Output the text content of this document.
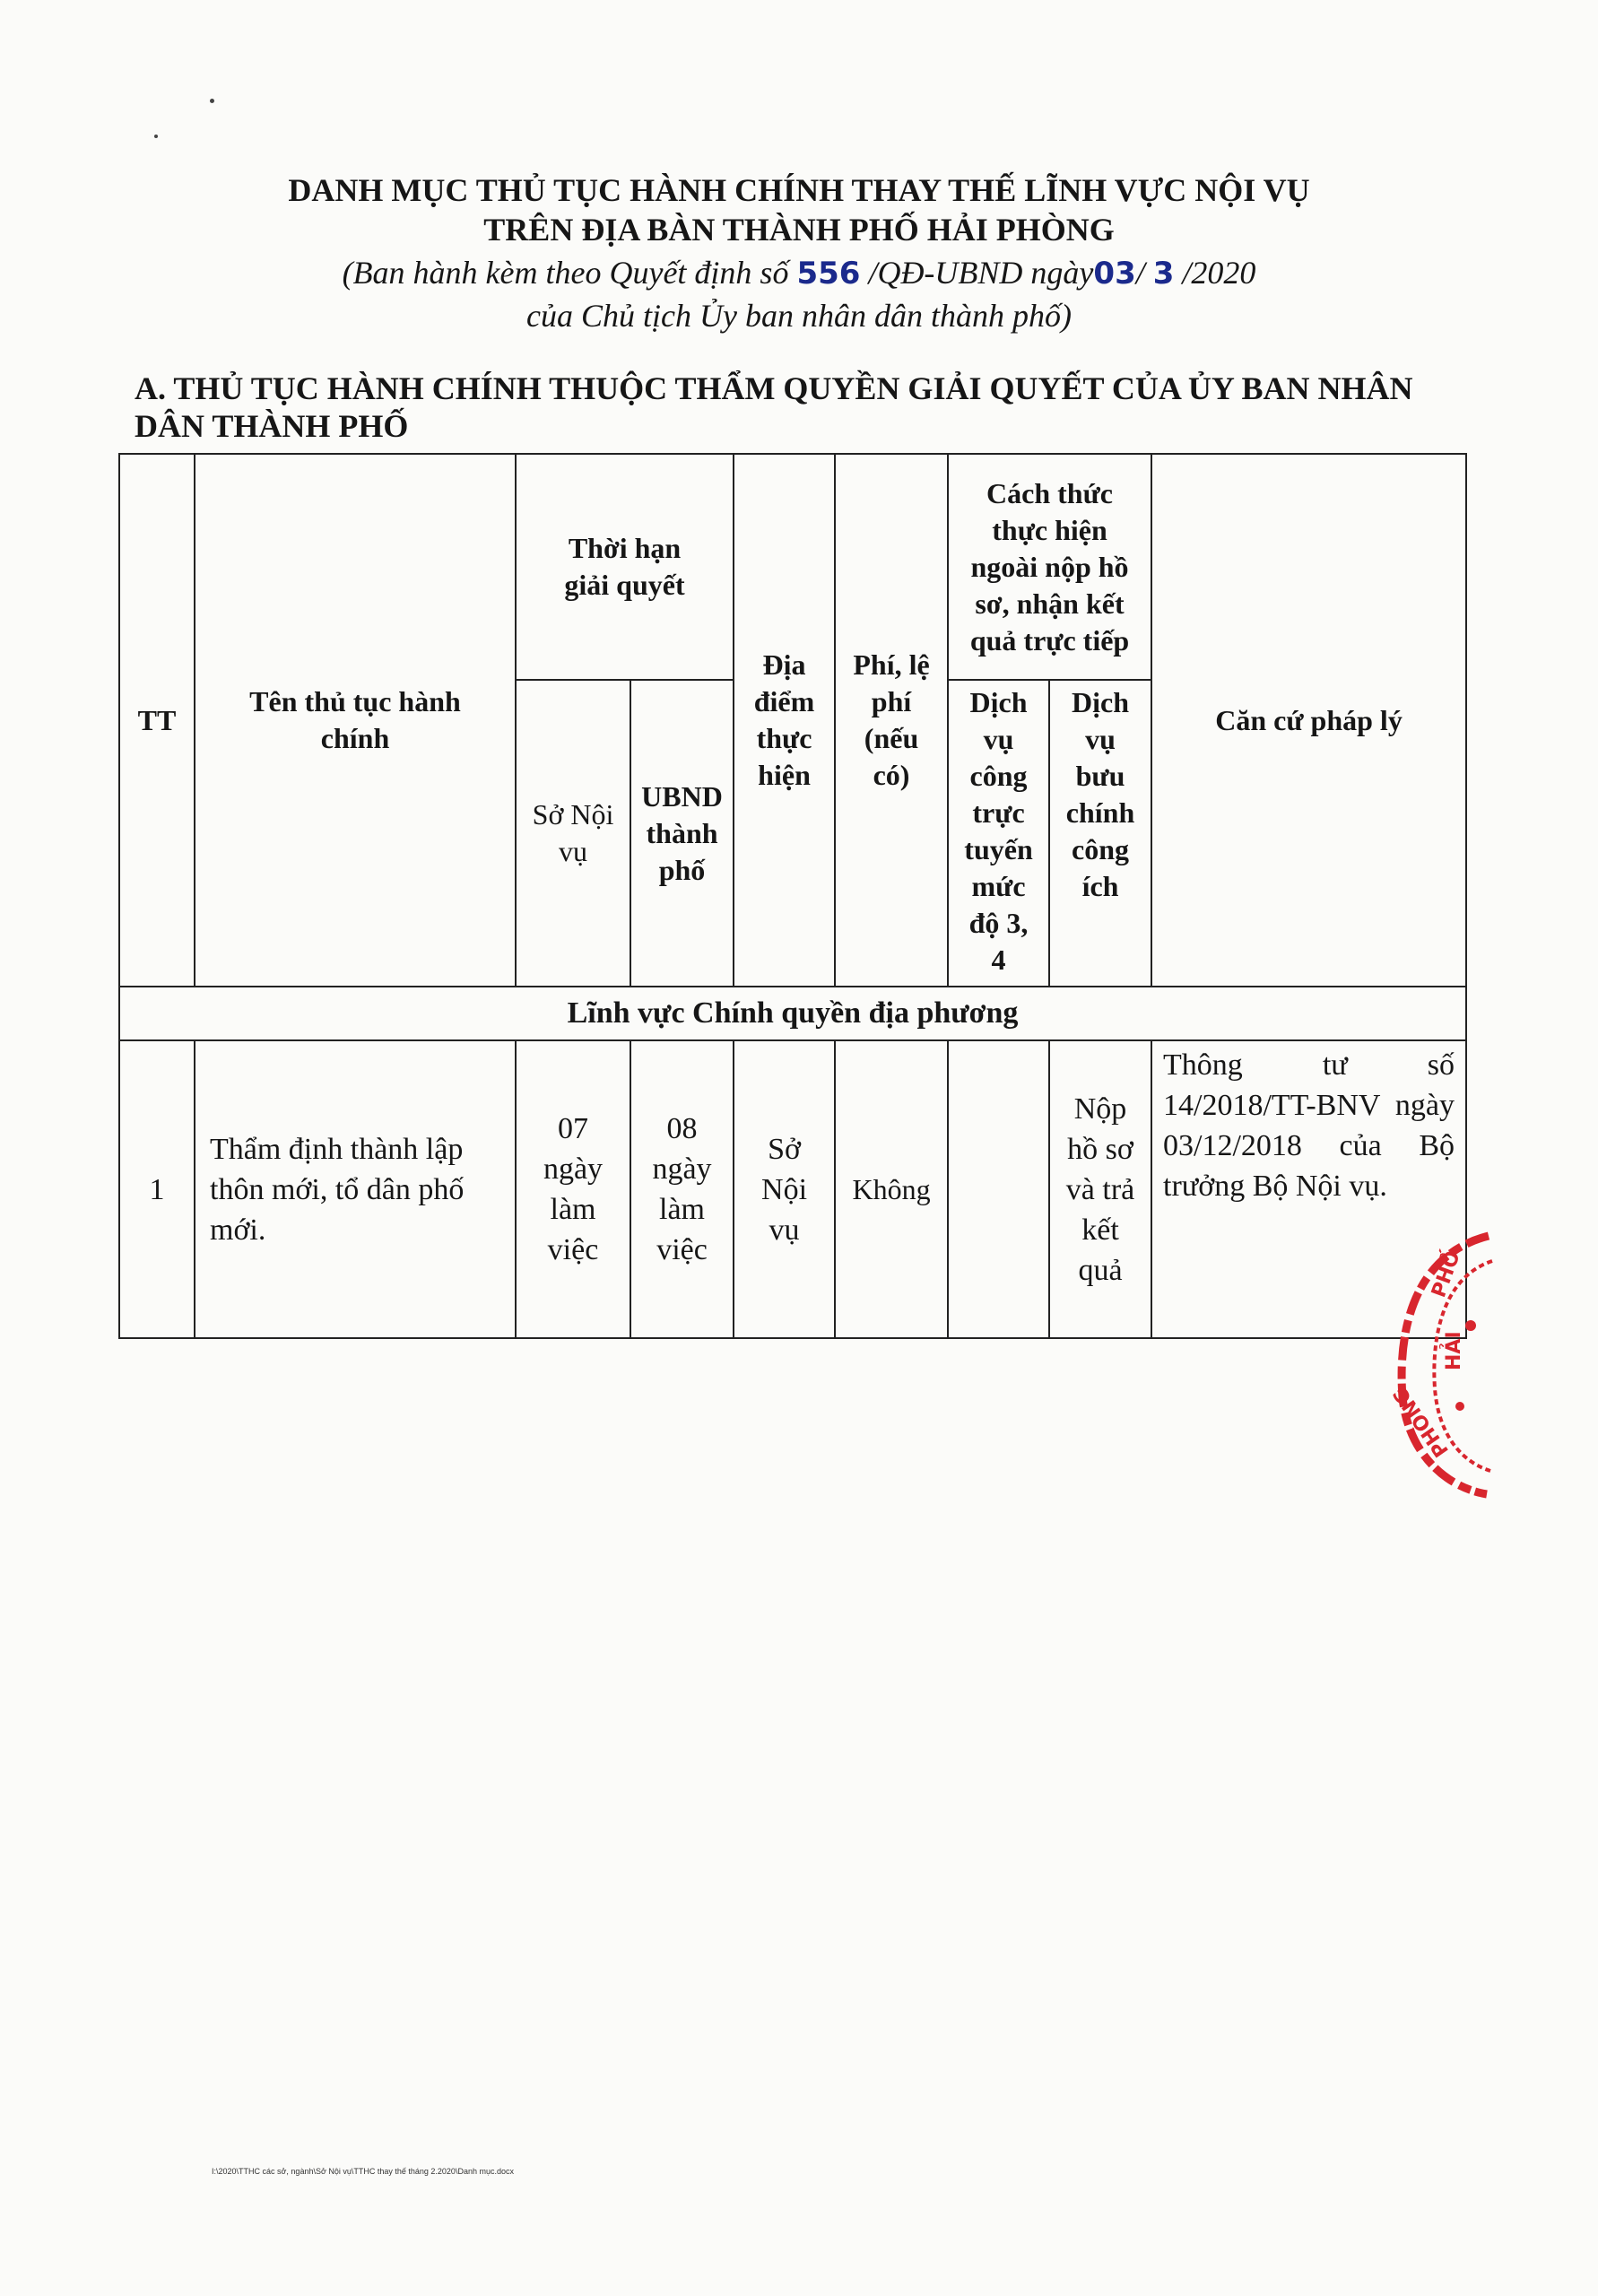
DANH MỤC THỦ TỤC HÀNH CHÍNH THAY THẾ LĨNH VỰC NỘI VỤ
TRÊN ĐỊA BÀN THÀNH PHỐ HẢI PHÒNG
(Ban hành kèm theo Quyết định số 556 /QĐ-UBND ngày03/ 3 /2020
của Chủ tịch Ủy ban nhân dân thành phố)
A. THỦ TỤC HÀNH CHÍNH THUỘC THẨM QUYỀN GIẢI QUYẾT CỦA ỦY BAN NHÂN DÂN THÀNH PHỐ
TT	Tên thủ tục hành chính	Thời hạn giải quyết		Địa điểm thực hiện	Phí, lệ phí (nếu có)	Cách thức thực hiện ngoài nộp hồ sơ, nhận kết quả trực tiếp		Căn cứ pháp lý
		Sở Nội vụ	UBND thành phố			Dịch vụ công trực tuyến mức độ 3, 4	Dịch vụ bưu chính công ích	
Lĩnh vực Chính quyền địa phương								
1	Thẩm định thành lập thôn mới, tổ dân phố mới.	07 ngày làm việc	08 ngày làm việc	Sở Nội vụ	Không		Nộp hồ sơ và trả kết quả	Thông tư số 14/2018/TT-BNV ngày 03/12/2018 của Bộ trưởng Bộ Nội vụ.
PHỐ
HẢI
PHÒNG
I:\2020\TTHC các sở, ngành\Sở Nội vụ\TTHC thay thế tháng 2.2020\Danh mục.docx
